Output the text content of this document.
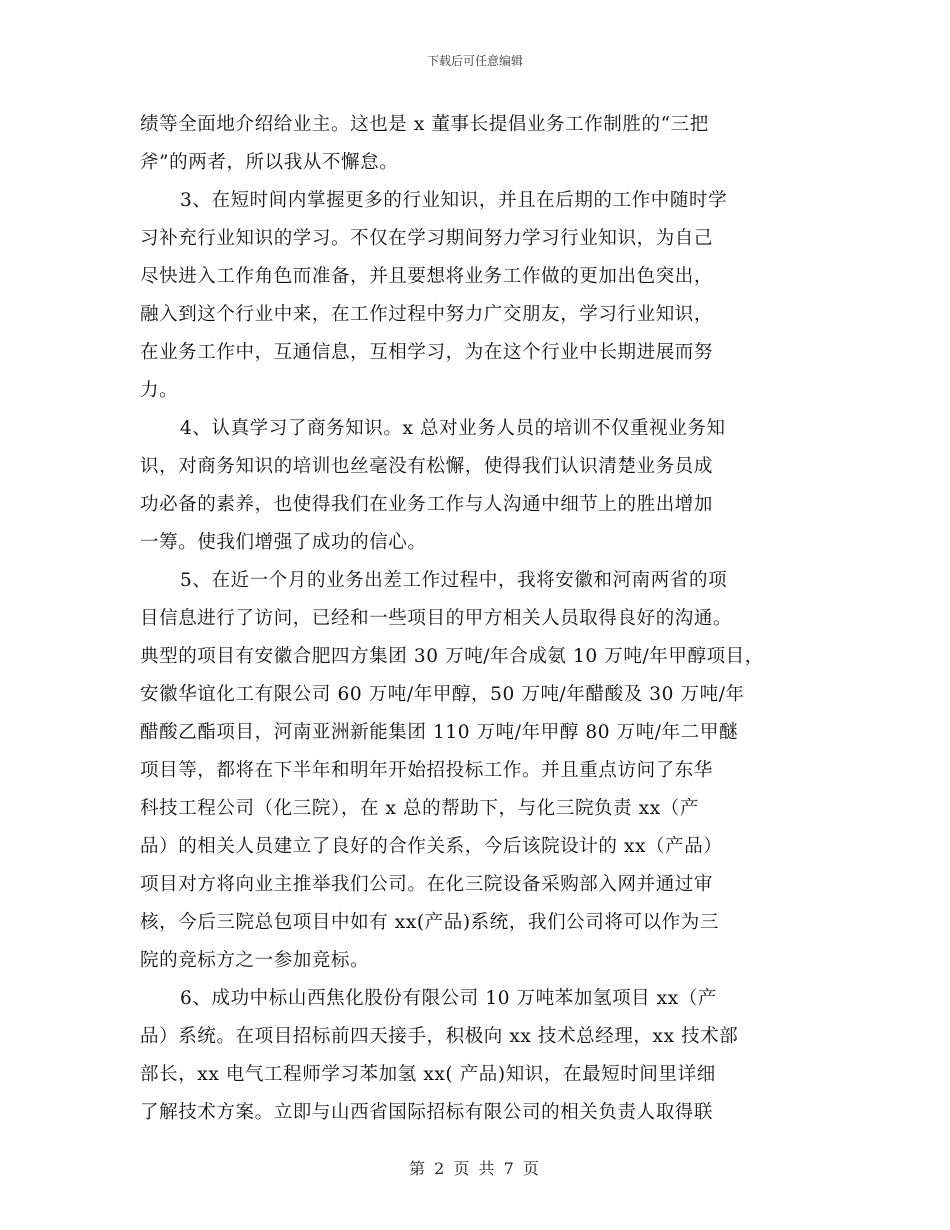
下载后可任意编辑
绩等全面地介绍给业主。这也是 x 董事长提倡业务工作制胜的“三把
斧”的两者，所以我从不懈怠。
3、在短时间内掌握更多的行业知识，并且在后期的工作中随时学
习补充行业知识的学习。不仅在学习期间努力学习行业知识，为自己
尽快进入工作角色而准备，并且要想将业务工作做的更加出色突出，
融入到这个行业中来，在工作过程中努力广交朋友，学习行业知识，
在业务工作中，互通信息，互相学习，为在这个行业中长期进展而努
力。
4、认真学习了商务知识。x 总对业务人员的培训不仅重视业务知
识，对商务知识的培训也丝毫没有松懈，使得我们认识清楚业务员成
功必备的素养，也使得我们在业务工作与人沟通中细节上的胜出增加
一筹。使我们增强了成功的信心。
5、在近一个月的业务出差工作过程中，我将安徽和河南两省的项
目信息进行了访问，已经和一些项目的甲方相关人员取得良好的沟通。
典型的项目有安徽合肥四方集团 30 万吨/年合成氨 10 万吨/年甲醇项目，
安徽华谊化工有限公司 60 万吨/年甲醇，50 万吨/年醋酸及 30 万吨/年
醋酸乙酯项目，河南亚洲新能集团 110 万吨/年甲醇 80 万吨/年二甲醚
项目等，都将在下半年和明年开始招投标工作。并且重点访问了东华
科技工程公司（化三院），在 x 总的帮助下，与化三院负责 xx（产
品）的相关人员建立了良好的合作关系，今后该院设计的 xx（产品）
项目对方将向业主推举我们公司。在化三院设备采购部入网并通过审
核，今后三院总包项目中如有 xx(产品)系统，我们公司将可以作为三
院的竞标方之一参加竞标。
6、成功中标山西焦化股份有限公司 10 万吨苯加氢项目 xx（产
品）系统。在项目招标前四天接手，积极向 xx 技术总经理，xx 技术部
部长，xx 电气工程师学习苯加氢 xx( 产品)知识，在最短时间里详细
了解技术方案。立即与山西省国际招标有限公司的相关负责人取得联
第 2 页 共 7 页
